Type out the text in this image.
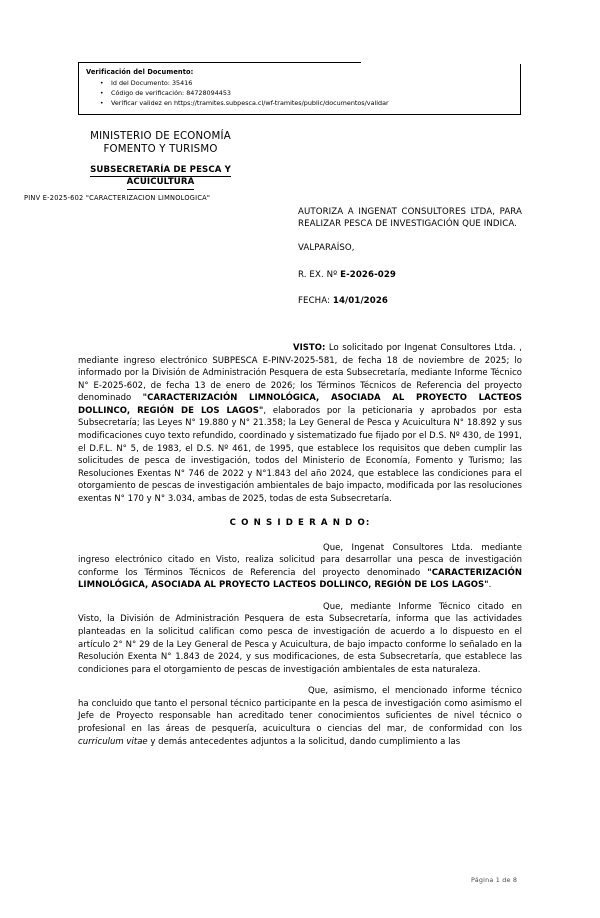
Verificación del Documento:
• Id del Documento: 35416
• Código de verificación: 84728094453
• Verificar validez en https://tramites.subpesca.cl/wf-tramites/public/documentos/validar
MINISTERIO DE ECONOMÍA
FOMENTO Y TURISMO
SUBSECRETARÍA DE PESCA Y
ACUICULTURA
PINV E-2025-602 "CARACTERIZACION LIMNOLOGICA"
AUTORIZA A INGENAT CONSULTORES LTDA, PARA REALIZAR PESCA DE INVESTIGACIÓN QUE INDICA.
VALPARAÍSO,
R. EX. Nº E-2026-029
FECHA: 14/01/2026

VISTO: Lo solicitado por Ingenat Consultores Ltda. , mediante ingreso electrónico SUBPESCA E-PINV-2025-581, de fecha 18 de noviembre de 2025; lo informado por la División de Administración Pesquera de esta Subsecretaría, mediante Informe Técnico N° E-2025-602, de fecha 13 de enero de 2026; los Términos Técnicos de Referencia del proyecto denominado "CARACTERIZACIÓN LIMNOLÓGICA, ASOCIADA AL PROYECTO LACTEOS DOLLINCO, REGIÓN DE LOS LAGOS", elaborados por la peticionaria y aprobados por esta Subsecretaría; las Leyes N° 19.880 y N° 21.358; la Ley General de Pesca y Acuicultura N° 18.892 y sus modificaciones cuyo texto refundido, coordinado y sistematizado fue fijado por el D.S. Nº 430, de 1991, el D.F.L. N° 5, de 1983, el D.S. Nº 461, de 1995, que establece los requisitos que deben cumplir las solicitudes de pesca de investigación, todos del Ministerio de Economía, Fomento y Turismo; las Resoluciones Exentas N° 746 de 2022 y N°1.843 del año 2024, que establece las condiciones para el otorgamiento de pescas de investigación ambientales de bajo impacto, modificada por las resoluciones exentas N° 170 y N° 3.034, ambas de 2025, todas de esta Subsecretaría.

C O N S I D E R A N D O:

Que, Ingenat Consultores Ltda. mediante ingreso electrónico citado en Visto, realiza solicitud para desarrollar una pesca de investigación conforme los Términos Técnicos de Referencia del proyecto denominado "CARACTERIZACIÓN LIMNOLÓGICA, ASOCIADA AL PROYECTO LACTEOS DOLLINCO, REGIÓN DE LOS LAGOS".

Que, mediante Informe Técnico citado en Visto, la División de Administración Pesquera de esta Subsecretaría, informa que las actividades planteadas en la solicitud califican como pesca de investigación de acuerdo a lo dispuesto en el artículo 2° N° 29 de la Ley General de Pesca y Acuicultura, de bajo impacto conforme lo señalado en la Resolución Exenta N° 1.843 de 2024, y sus modificaciones, de esta Subsecretaría, que establece las condiciones para el otorgamiento de pescas de investigación ambientales de esta naturaleza.

Que, asimismo, el mencionado informe técnico ha concluido que tanto el personal técnico participante en la pesca de investigación como asimismo el Jefe de Proyecto responsable han acreditado tener conocimientos suficientes de nivel técnico o profesional en las áreas de pesquería, acuicultura o ciencias del mar, de conformidad con los curriculum vitae y demás antecedentes adjuntos a la solicitud, dando cumplimiento a las

Página 1 de 8
